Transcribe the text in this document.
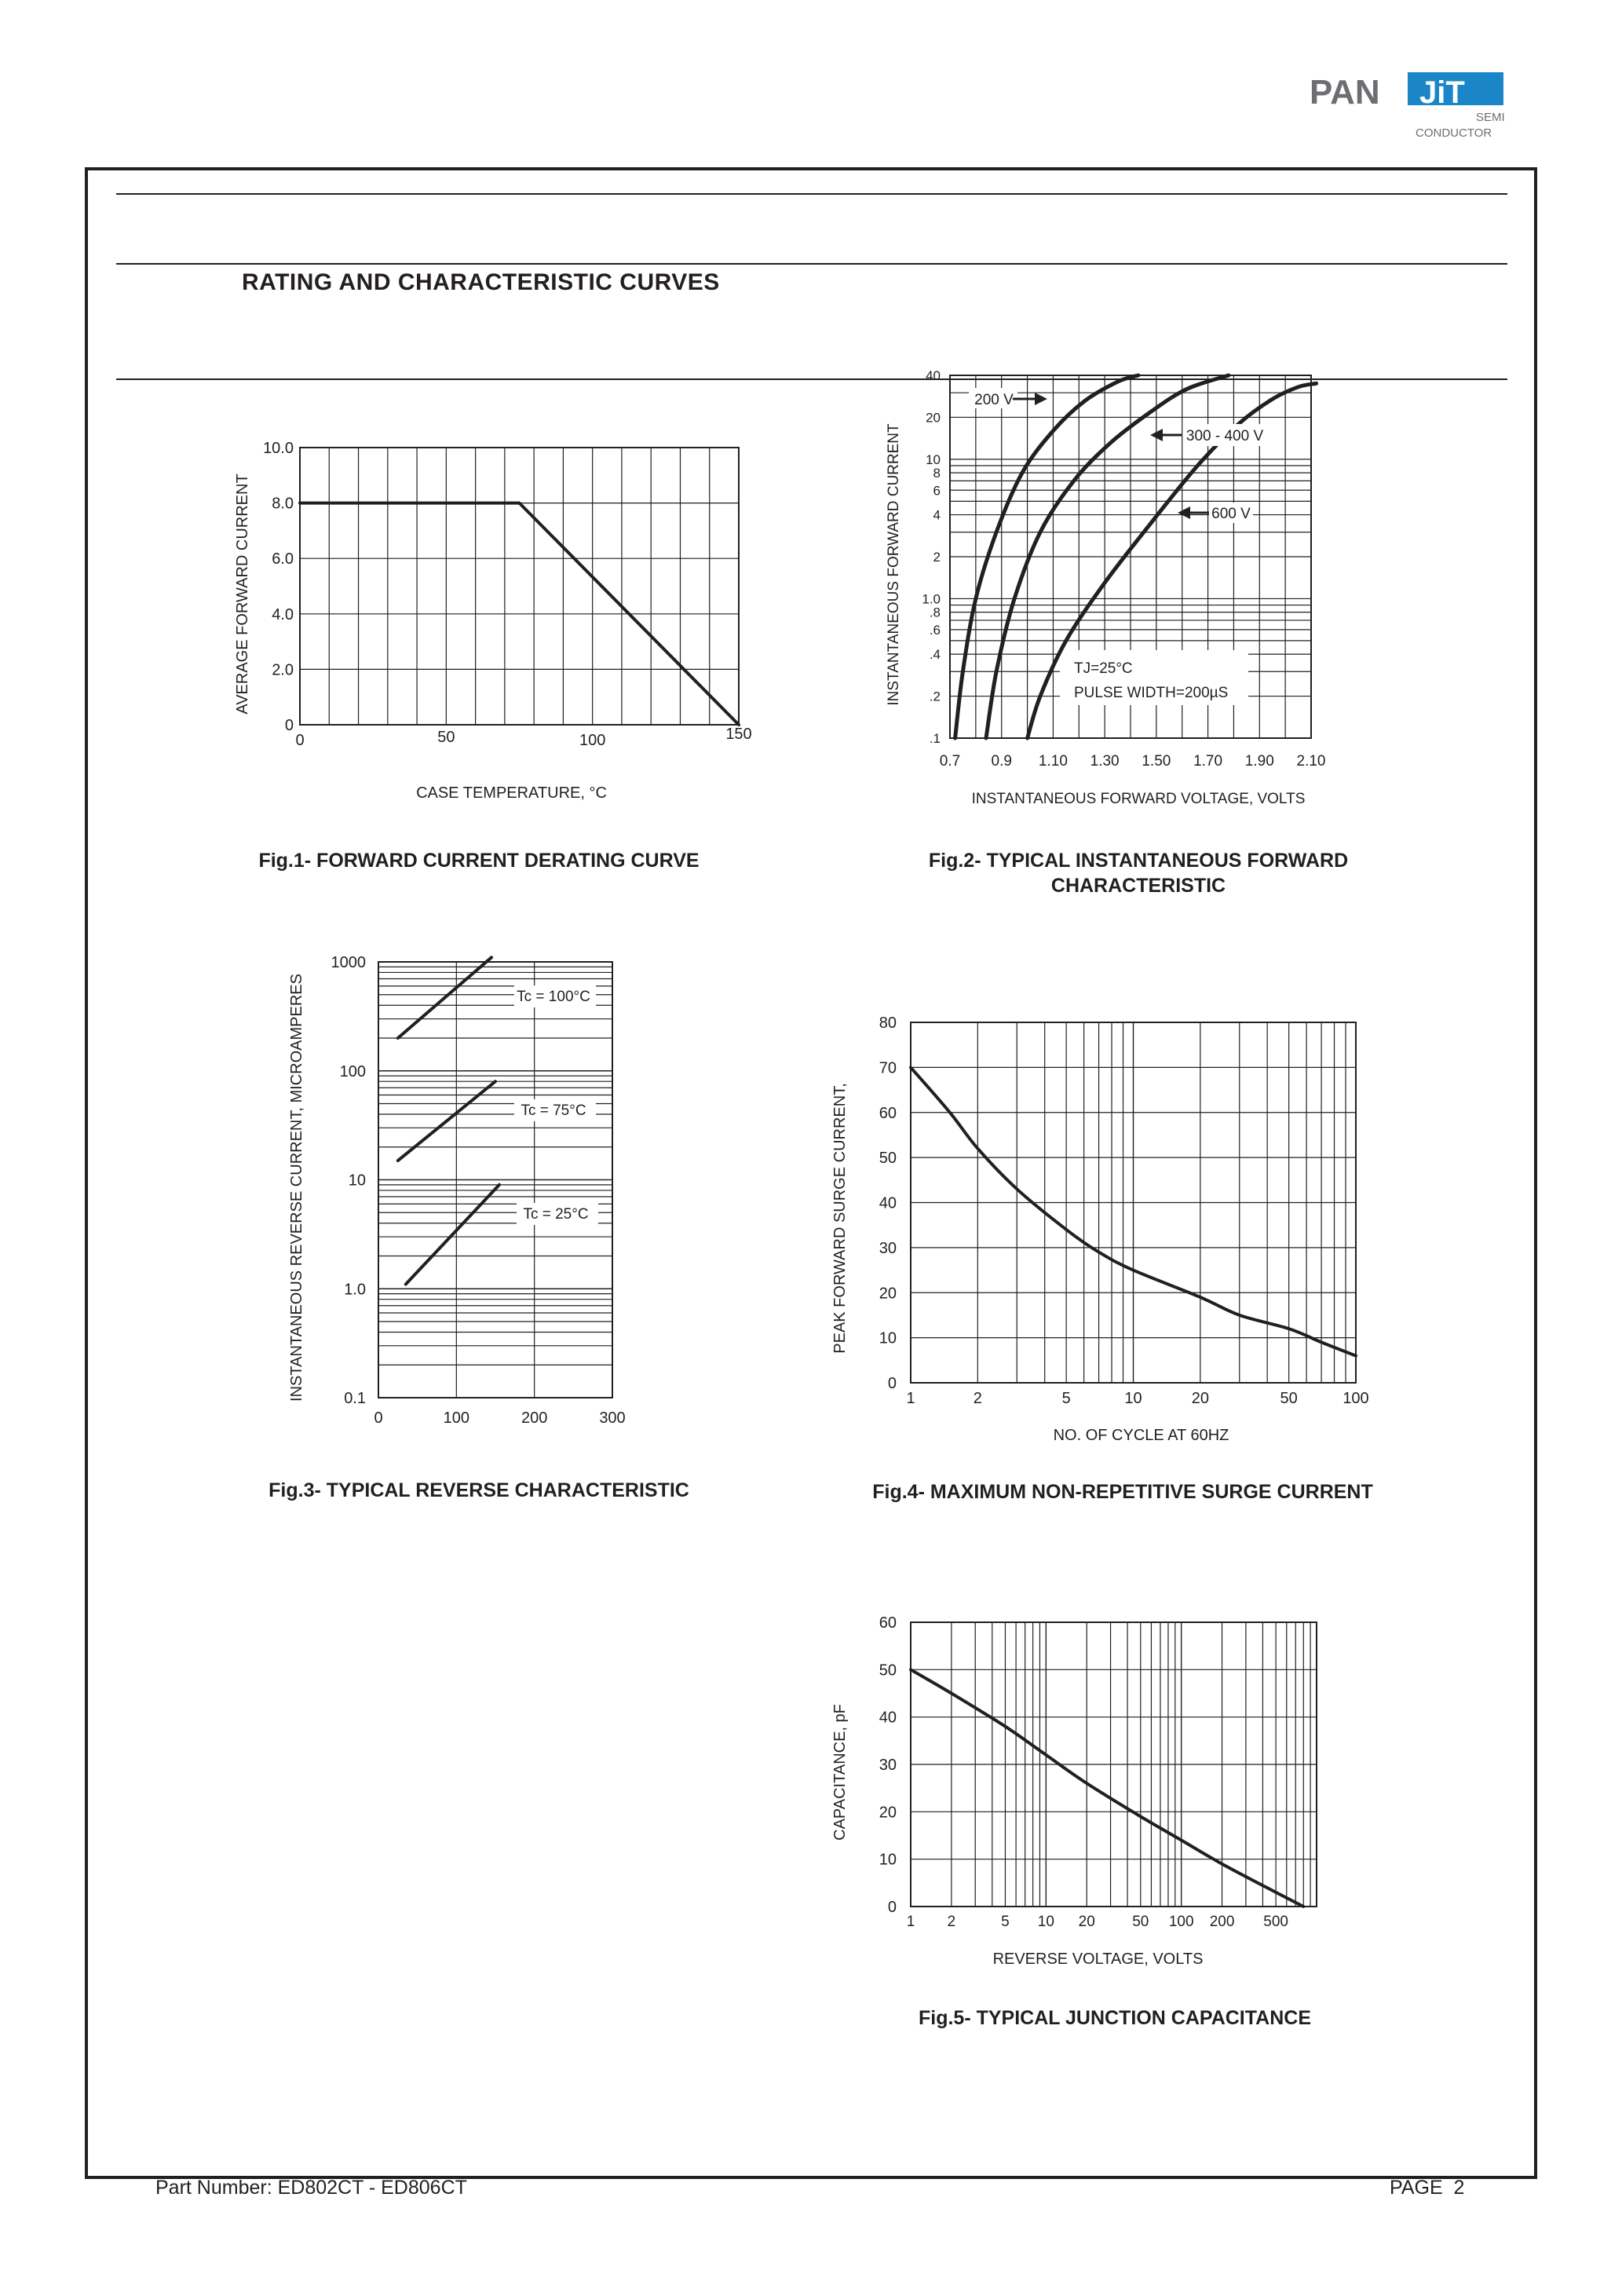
PAN JiT
SEMI
CONDUCTOR
RATING AND CHARACTERISTIC CURVES
0
2.0
4.0
6.0
8.0
10.0
0	50	100	150
AVERAGE FORWARD CURRENT
CASE TEMPERATURE, °C
.1
.2
.4
.6
.8
1.0
2
4
6
8
10
20
40
0.7 0.9 1.10 1.30 1.50 1.70 1.90 2.10
INSTANTANEOUS FORWARD CURRENT
INSTANTANEOUS FORWARD VOLTAGE, VOLTS
TJ=25°C
PULSE WIDTH=200µS
200 V
300 - 400 V
600 V
0.1
1.0
10
100
1000
0	100	200	300
INSTANTANEOUS REVERSE CURRENT, MICROAMPERES	Tc = 100°C
Tc = 75°C
Tc = 25°C
0
10
20
30
40
50
60
70
80
1	2	5	10	20	50	100
PEAK FORWARD SURGE CURRENT,
NO. OF CYCLE AT 60HZ
0
10
20
30
40
50
60
1 2	5 10 20 50 100 200 500
CAPACITANCE, pF
REVERSE VOLTAGE, VOLTS
Fig.1- FORWARD CURRENT DERATING CURVE	Fig.2- TYPICAL INSTANTANEOUS FORWARD
CHARACTERISTIC
Fig.3- TYPICAL REVERSE CHARACTERISTIC	Fig.4- MAXIMUM NON-REPETITIVE SURGE CURRENT
Fig.5- TYPICAL JUNCTION CAPACITANCE
Part Number: ED802CT - ED806CT	PAGE  2
